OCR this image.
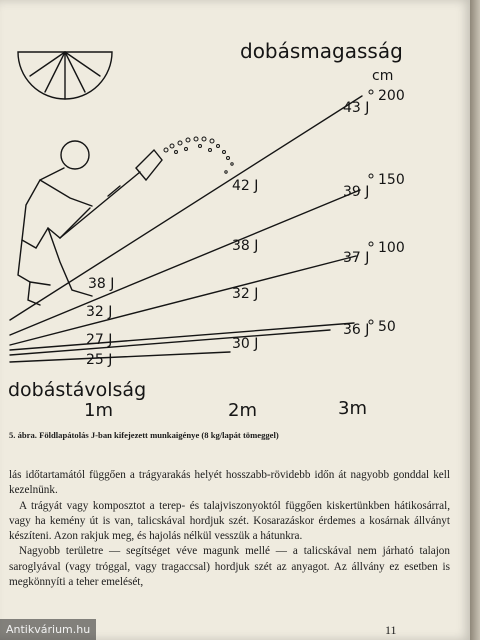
dobásmagasság
cm
200
150
100
50
43 J
42 J	39 J
38 J
37 J
38 J
32 J
32 J
36 J
27 J	30 J
25 J
dobástávolság
1m	2m	3m
5. ábra. Földlapátolás J-ban kifejezett munkaigénye (8 kg/lapát tömeggel)

lás időtartamától függően a trágyarakás helyét hosszabb-rövidebb időn át nagyobb gonddal kell kezelnünk.

A trágyát vagy komposztot a terep- és talajviszonyoktól függően kiskertünkben hátikosárral, vagy ha kemény út is van, talicskával hordjuk szét. Kosarazáskor érdemes a kosárnak állványt készíteni. Azon rakjuk meg, és hajolás nélkül vesszük a hátunkra.

Nagyobb területre — segítséget véve magunk mellé — a talicskával nem járható talajon saroglyával (vagy tróggal, vagy tragaccsal) hordjuk szét az anyagot. Az állvány ez esetben is megkönnyíti a teher emelését,

11
Antikvárium.hu
